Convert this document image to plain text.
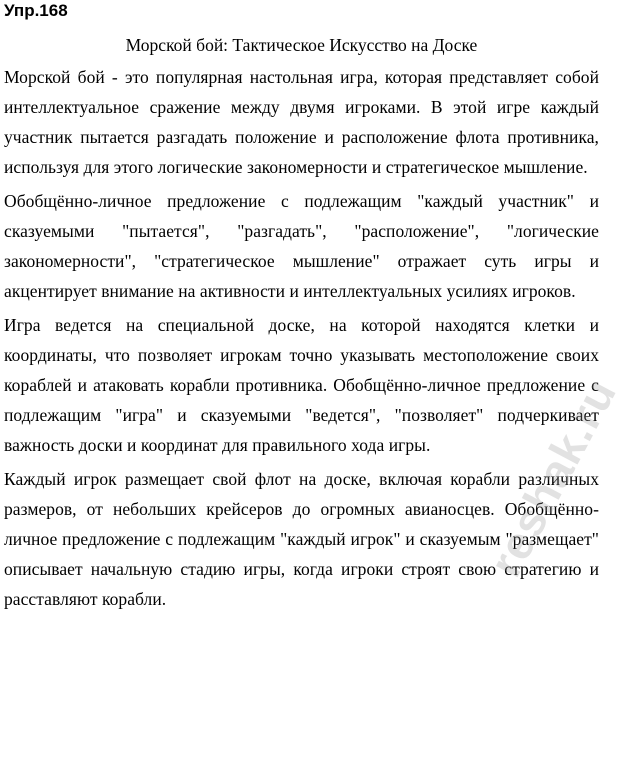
Упр.168
Морской бой: Тактическое Искусство на Доске

Морской бой - это популярная настольная игра, которая представляет собой интеллектуальное сражение между двумя игроками. В этой игре каждый участник пытается разгадать положение и расположение флота противника, используя для этого логические закономерности и стратегическое мышление.

Обобщённо-личное предложение с подлежащим "каждый участник" и сказуемыми "пытается", "разгадать", "расположение", "логические закономерности", "стратегическое мышление" отражает суть игры и акцентирует внимание на активности и интеллектуальных усилиях игроков.

Игра ведется на специальной доске, на которой находятся клетки и координаты, что позволяет игрокам точно указывать местоположение своих кораблей и атаковать корабли противника. Обобщённо-личное предложение с подлежащим "игра" и сказуемыми "ведется", "позволяет" подчеркивает важность доски и координат для правильного хода игры.

Каждый игрок размещает свой флот на доске, включая корабли различных размеров, от небольших крейсеров до огромных авианосцев. Обобщённо-личное предложение с подлежащим "каждый игрок" и сказуемым "размещает" описывает начальную стадию игры, когда игроки строят свою стратегию и расставляют корабли.

reshak.ru
